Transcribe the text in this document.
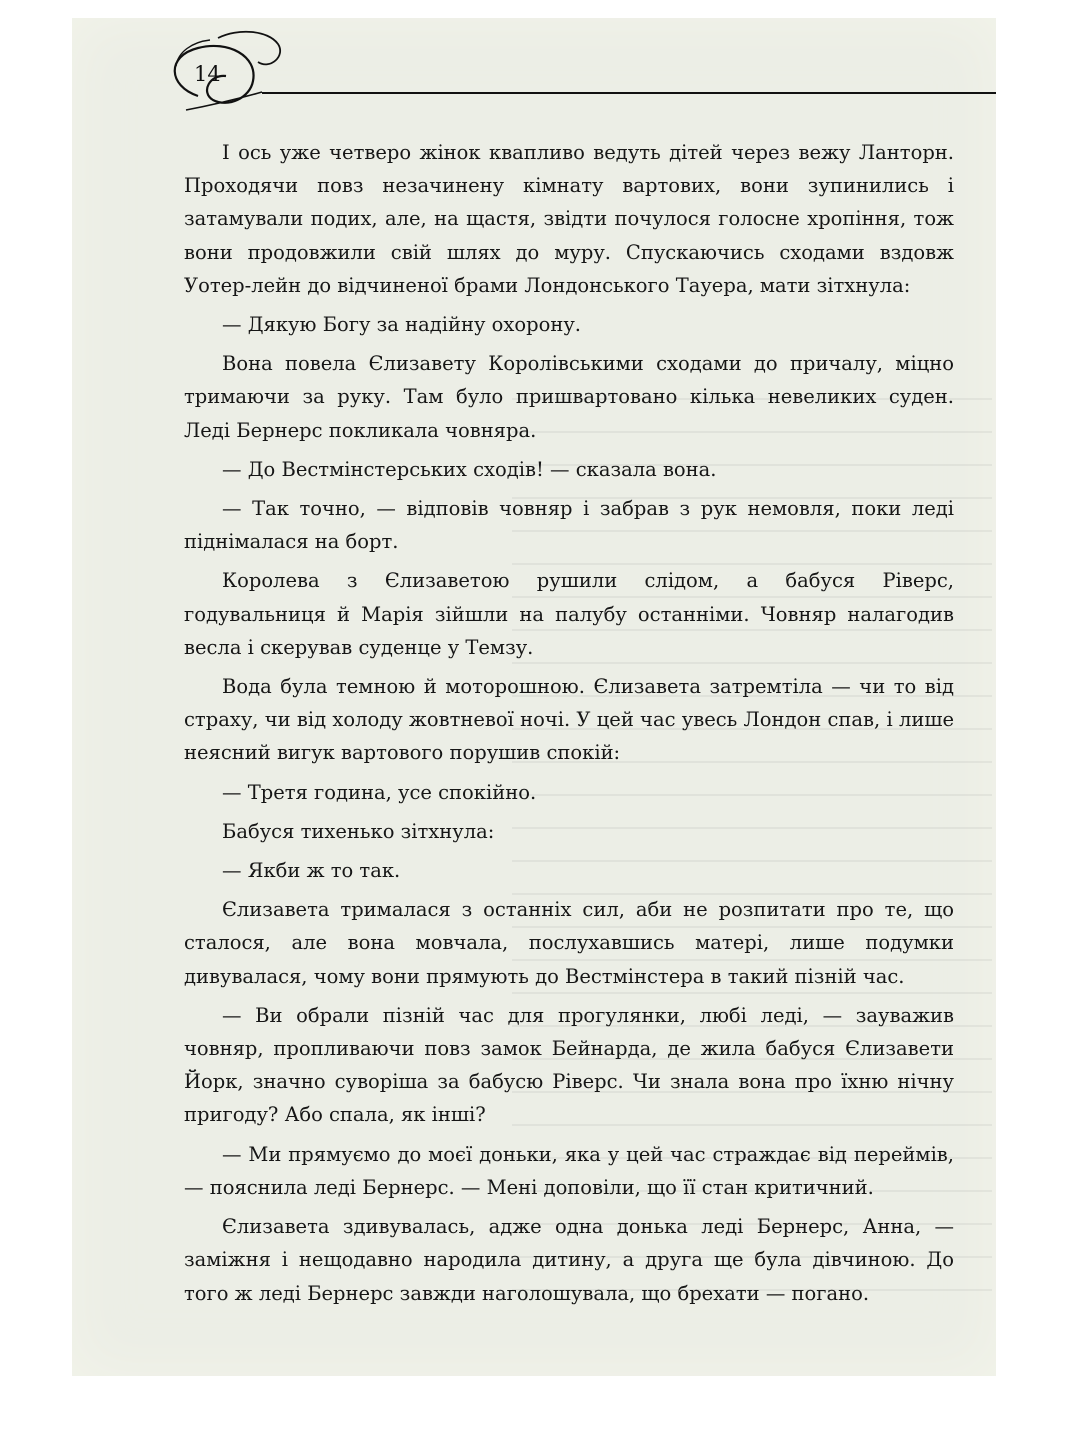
14

І ось уже четверо жінок квапливо ведуть дітей через вежу Ланторн. Проходячи повз незачинену кімнату вартових, вони зупинились і затамували подих, але, на щастя, звідти почулося голосне хропіння, тож вони продовжили свій шлях до муру. Спускаючись сходами вздовж Уотер-лейн до відчиненої брами Лондонського Тауера, мати зітхнула:

— Дякую Богу за надійну охорону.

Вона повела Єлизавету Королівськими сходами до причалу, міцно тримаючи за руку. Там було пришвартовано кілька невеликих суден. Леді Бернерс покликала човняра.

— До Вестмінстерських сходів! — сказала вона.

— Так точно, — відповів човняр і забрав з рук немовля, поки леді піднімалася на борт.

Королева з Єлизаветою рушили слідом, а бабуся Ріверс, годувальниця й Марія зійшли на палубу останніми. Човняр налагодив весла і скерував суденце у Темзу.

Вода була темною й моторошною. Єлизавета затремтіла — чи то від страху, чи від холоду жовтневої ночі. У цей час увесь Лондон спав, і лише неясний вигук вартового порушив спокій:

— Третя година, усе спокійно.

Бабуся тихенько зітхнула:

— Якби ж то так.

Єлизавета трималася з останніх сил, аби не розпитати про те, що сталося, але вона мовчала, послухавшись матері, лише подумки дивувалася, чому вони прямують до Вестмінстера в такий пізній час.

— Ви обрали пізній час для прогулянки, любі леді, — зауважив човняр, пропливаючи повз замок Бейнарда, де жила бабуся Єлизавети Йорк, значно суворіша за бабусю Ріверс. Чи знала вона про їхню нічну пригоду? Або спала, як інші?

— Ми прямуємо до моєї доньки, яка у цей час страждає від переймів, — пояснила леді Бернерс. — Мені доповіли, що її стан критичний.

Єлизавета здивувалась, адже одна донька леді Бернерс, Анна, — заміжня і нещодавно народила дитину, а друга ще була дівчиною. До того ж леді Бернерс завжди наголошувала, що брехати — погано.
